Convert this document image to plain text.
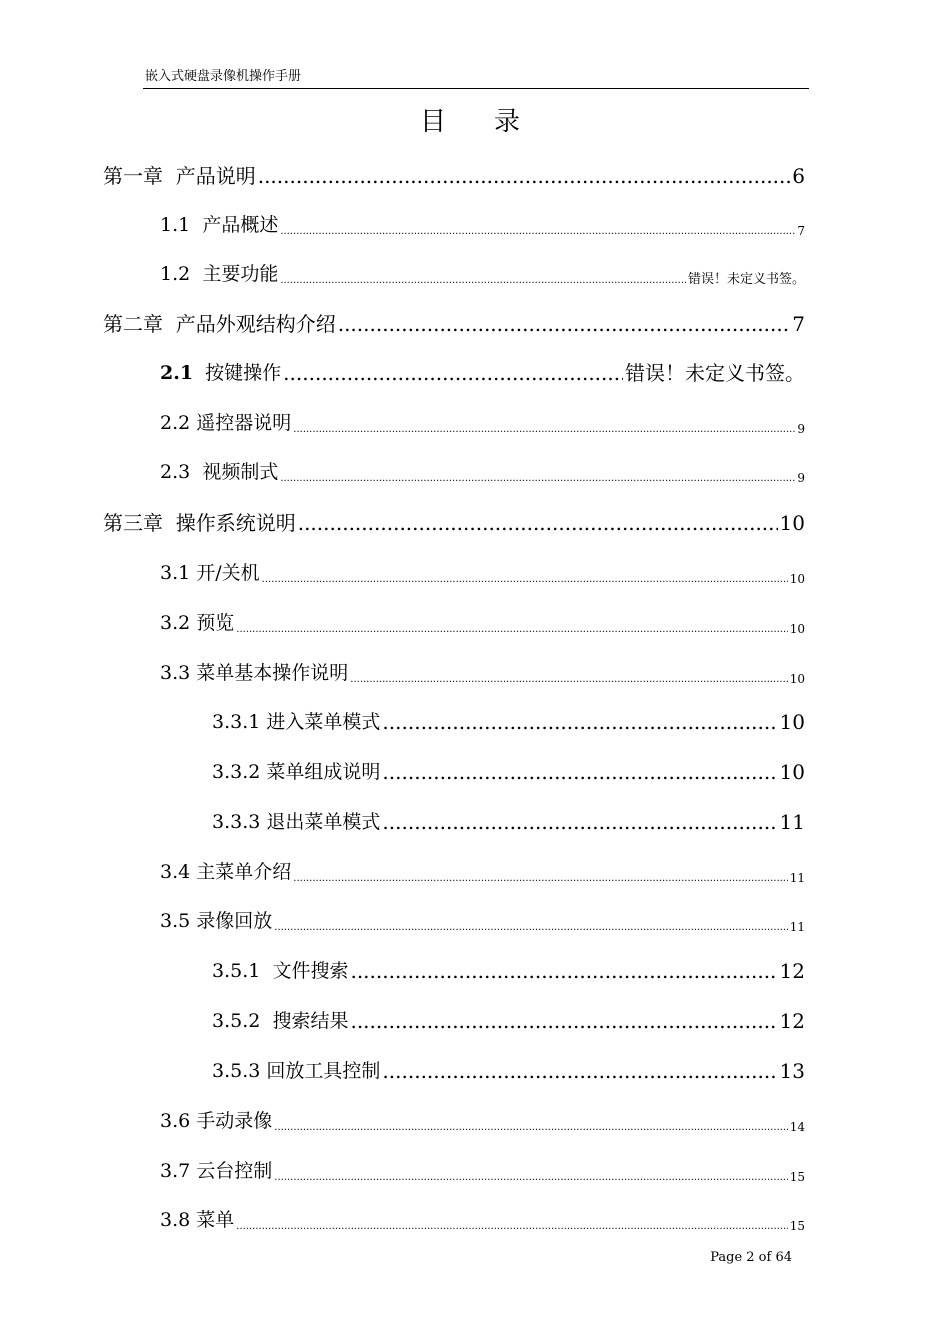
嵌入式硬盘录像机操作手册
目录
第一章 产品说明 .....	6
1.1 产品概述 .....	7
1.2 主要功能 .....	错误！未定义书签。
第二章 产品外观结构介绍 .....	7
2.1 按键操作 .....	错误！未定义书签。
2.2 遥控器说明 .....	9
2.3 视频制式 .....	9
第三章 操作系统说明 .....	10
3.1 开/关机 .....	10
3.2 预览 .....	10
3.3 菜单基本操作说明 .....	10
3.3.1 进入菜单模式 .....	10
3.3.2 菜单组成说明 .....	10
3.3.3 退出菜单模式 .....	11
3.4 主菜单介绍 .....	11
3.5 录像回放 .....	11
3.5.1 文件搜索 .....	12
3.5.2 搜索结果 .....	12
3.5.3 回放工具控制 .....	13
3.6 手动录像 .....	14
3.7 云台控制 .....	15
3.8 菜单 .....	15
Page 2 of 64
